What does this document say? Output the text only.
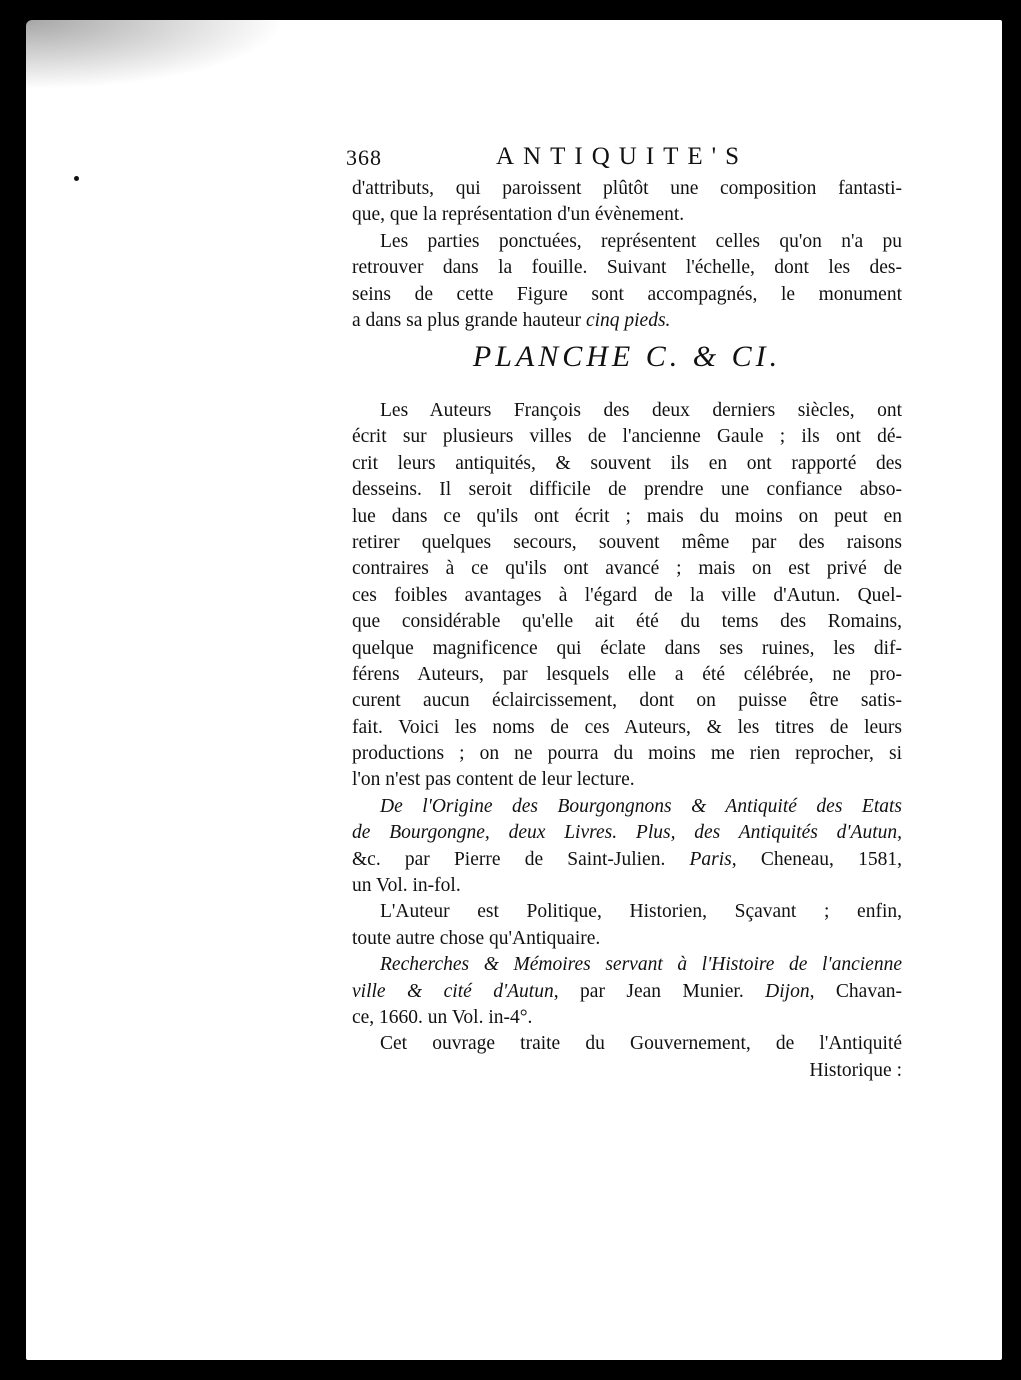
368	ANTIQUITE'S
d'attributs, qui paroissent plûtôt une composition fantasti-
que, que la représentation d'un évènement.
Les parties ponctuées, représentent celles qu'on n'a pu
retrouver dans la fouille. Suivant l'échelle, dont les des-
seins de cette Figure sont accompagnés, le monument
a dans sa plus grande hauteur cinq pieds.
PLANCHE C. & CI.
Les Auteurs François des deux derniers siècles, ont
écrit sur plusieurs villes de l'ancienne Gaule ; ils ont dé-
crit leurs antiquités, & souvent ils en ont rapporté des
desseins. Il seroit difficile de prendre une confiance abso-
lue dans ce qu'ils ont écrit ; mais du moins on peut en
retirer quelques secours, souvent même par des raisons
contraires à ce qu'ils ont avancé ; mais on est privé de
ces foibles avantages à l'égard de la ville d'Autun. Quel-
que considérable qu'elle ait été du tems des Romains,
quelque magnificence qui éclate dans ses ruines, les dif-
férens Auteurs, par lesquels elle a été célébrée, ne pro-
curent aucun éclaircissement, dont on puisse être satis-
fait. Voici les noms de ces Auteurs, & les titres de leurs
productions ; on ne pourra du moins me rien reprocher, si
l'on n'est pas content de leur lecture.
De l'Origine des Bourgongnons & Antiquité des Etats
de Bourgongne, deux Livres. Plus, des Antiquités d'Autun,
&c. par Pierre de Saint-Julien. Paris, Cheneau, 1581,
un Vol. in-fol.
L'Auteur est Politique, Historien, Sçavant ; enfin,
toute autre chose qu'Antiquaire.
Recherches & Mémoires servant à l'Histoire de l'ancienne
ville & cité d'Autun, par Jean Munier. Dijon, Chavan-
ce, 1660. un Vol. in-4°.
Cet ouvrage traite du Gouvernement, de l'Antiquité
Historique :
